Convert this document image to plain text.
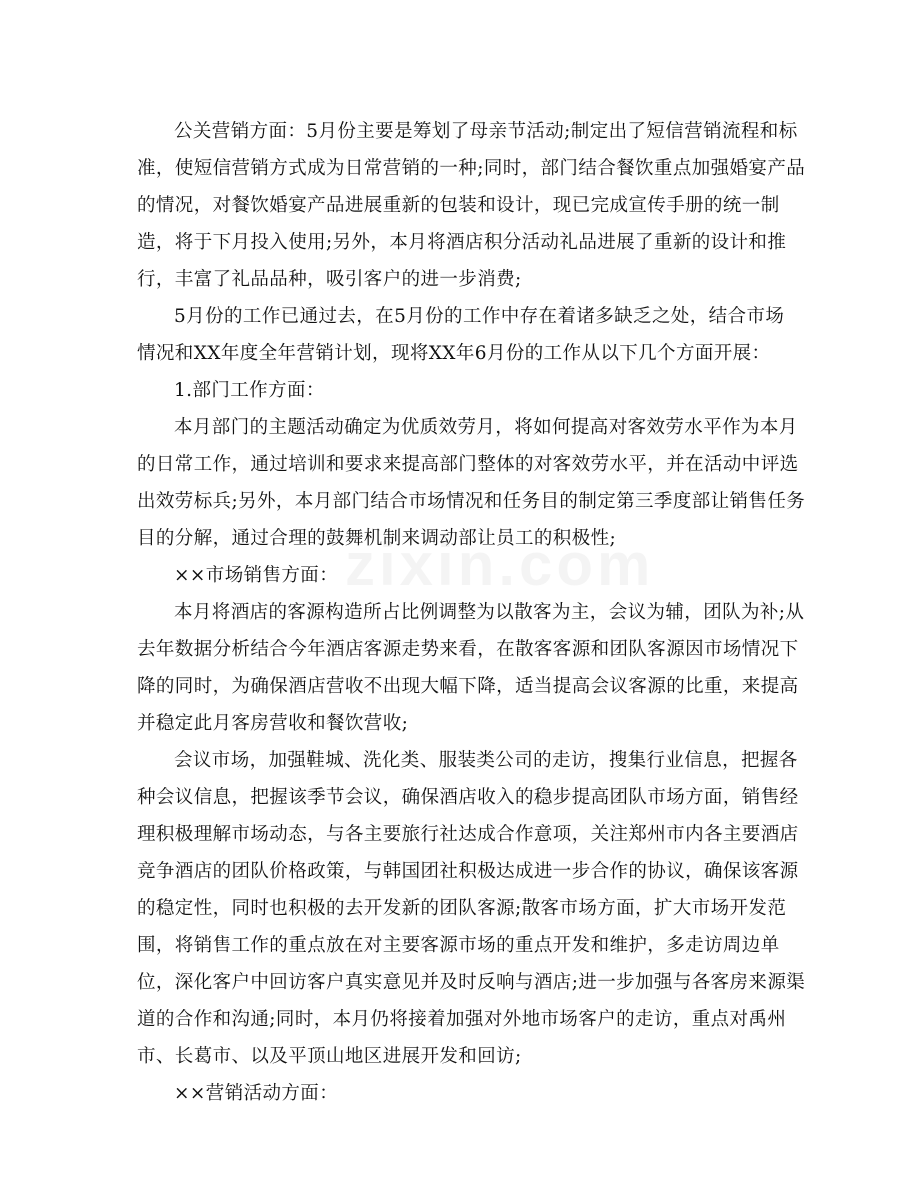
公关营销方面：5月份主要是筹划了母亲节活动;制定出了短信营销流程和标
准，使短信营销方式成为日常营销的一种;同时，部门结合餐饮重点加强婚宴产品
的情况，对餐饮婚宴产品进展重新的包装和设计，现已完成宣传手册的统一制
造，将于下月投入使用;另外，本月将酒店积分活动礼品进展了重新的设计和推
行，丰富了礼品品种，吸引客户的进一步消费;
5月份的工作已通过去，在5月份的工作中存在着诸多缺乏之处，结合市场
情况和XX年度全年营销计划，现将XX年6月份的工作从以下几个方面开展：
1.部门工作方面：
本月部门的主题活动确定为优质效劳月，将如何提高对客效劳水平作为本月
的日常工作，通过培训和要求来提高部门整体的对客效劳水平，并在活动中评选
出效劳标兵;另外，本月部门结合市场情况和任务目的制定第三季度部让销售任务
目的分解，通过合理的鼓舞机制来调动部让员工的积极性;
××市场销售方面：
本月将酒店的客源构造所占比例调整为以散客为主，会议为辅，团队为补;从
去年数据分析结合今年酒店客源走势来看，在散客客源和团队客源因市场情况下
降的同时，为确保酒店营收不出现大幅下降，适当提高会议客源的比重，来提高
并稳定此月客房营收和餐饮营收;
会议市场，加强鞋城、洗化类、服装类公司的走访，搜集行业信息，把握各
种会议信息，把握该季节会议，确保酒店收入的稳步提高团队市场方面，销售经
理积极理解市场动态，与各主要旅行社达成合作意项，关注郑州市内各主要酒店
竞争酒店的团队价格政策，与韩国团社积极达成进一步合作的协议，确保该客源
的稳定性，同时也积极的去开发新的团队客源;散客市场方面，扩大市场开发范
围，将销售工作的重点放在对主要客源市场的重点开发和维护，多走访周边单
位，深化客户中回访客户真实意见并及时反响与酒店;进一步加强与各客房来源渠
道的合作和沟通;同时，本月仍将接着加强对外地市场客户的走访，重点对禹州
市、长葛市、以及平顶山地区进展开发和回访;
××营销活动方面：
